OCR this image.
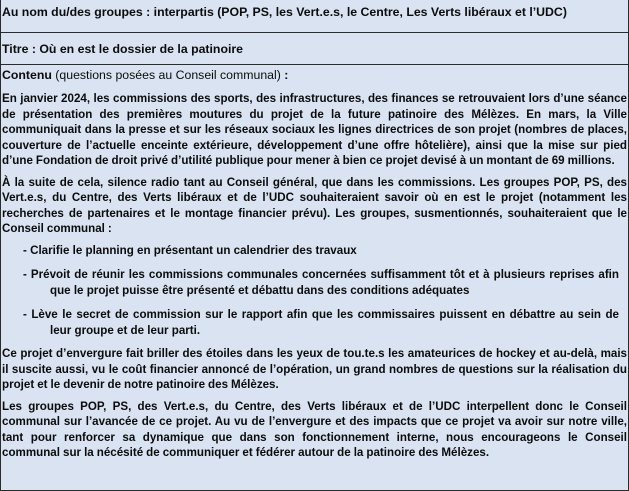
Au nom du/des groupes : interpartis (POP, PS, les Vert.e.s, le Centre, Les Verts libéraux et l’UDC)
Titre : Où en est le dossier de la patinoire
Contenu (questions posées au Conseil communal) :

En janvier 2024, les commissions des sports, des infrastructures, des finances se retrouvaient lors d’une séance de présentation des premières moutures du projet de la future patinoire des Mélèzes. En mars, la Ville communiquait dans la presse et sur les réseaux sociaux les lignes directrices de son projet (nombres de places, couverture de l’actuelle enceinte extérieure, développement d’une offre hôtelière), ainsi que la mise sur pied d’une Fondation de droit privé d’utilité publique pour mener à bien ce projet devisé à un montant de 69 millions.

À la suite de cela, silence radio tant au Conseil général, que dans les commissions. Les groupes POP, PS, des Vert.e.s, du Centre, des Verts libéraux et de l’UDC souhaiteraient savoir où en est le projet (notamment les recherches de partenaires et le montage financier prévu). Les groupes, susmentionnés, souhaiteraient que le Conseil communal :

- Clarifie le planning en présentant un calendrier des travaux
- Prévoit de réunir les commissions communales concernées suffisamment tôt et à plusieurs reprises afin que le projet puisse être présenté et débattu dans des conditions adéquates
- Lève le secret de commission sur le rapport afin que les commissaires puissent en débattre au sein de leur groupe et de leur parti.

Ce projet d’envergure fait briller des étoiles dans les yeux de tou.te.s les amateurices de hockey et au-delà, mais il suscite aussi, vu le coût financier annoncé de l’opération, un grand nombres de questions sur la réalisation du projet et le devenir de notre patinoire des Mélèzes.

Les groupes POP, PS, des Vert.e.s, du Centre, des Verts libéraux et de l’UDC interpellent donc le Conseil communal sur l’avancée de ce projet. Au vu de l’envergure et des impacts que ce projet va avoir sur notre ville, tant pour renforcer sa dynamique que dans son fonctionnement interne, nous encourageons le Conseil communal sur la nécésité de communiquer et fédérer autour de la patinoire des Mélèzes.
